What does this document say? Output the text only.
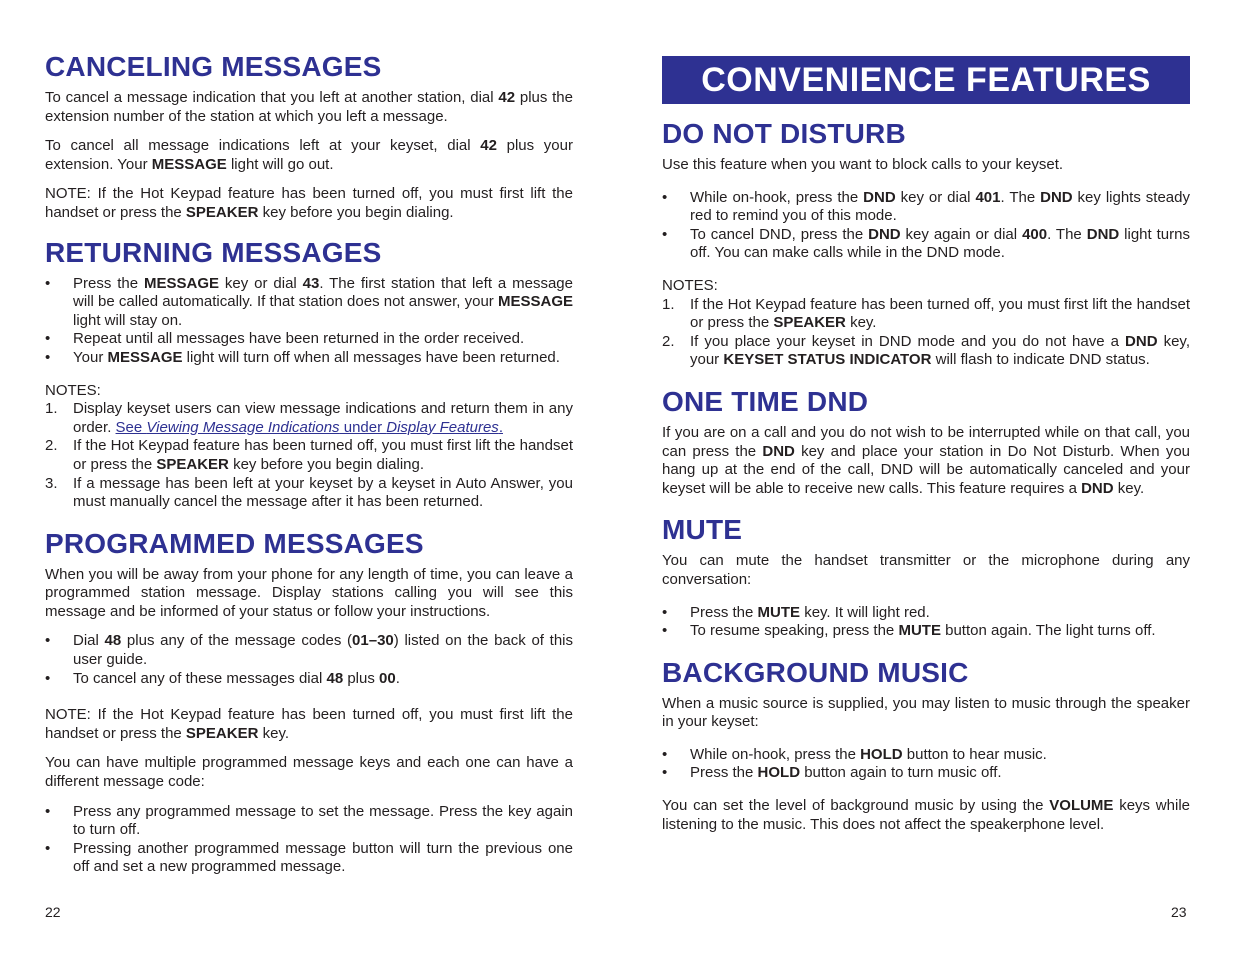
CANCELING MESSAGES

To cancel a message indication that you left at another station, dial 42 plus the extension number of the station at which you left a message.

To cancel all message indications left at your keyset, dial 42 plus your extension. Your MESSAGE light will go out.

NOTE: If the Hot Keypad feature has been turned off, you must first lift the handset or press the SPEAKER key before you begin dialing.

RETURNING MESSAGES
• Press the MESSAGE key or dial 43. The first station that left a message will be called automatically. If that station does not answer, your MESSAGE light will stay on.
• Repeat until all messages have been returned in the order received.
• Your MESSAGE light will turn off when all messages have been returned.

NOTES:

1. Display keyset users can view message indications and return them in any order. See Viewing Message Indications under Display Features.
2. If the Hot Keypad feature has been turned off, you must first lift the handset or press the SPEAKER key before you begin dialing.
3. If a message has been left at your keyset by a keyset in Auto Answer, you must manually cancel the message after it has been returned.
PROGRAMMED MESSAGES

When you will be away from your phone for any length of time, you can leave a programmed station message. Display stations calling you will see this message and be informed of your status or follow your instructions.

• Dial 48 plus any of the message codes (01–30) listed on the back of this user guide.
• To cancel any of these messages dial 48 plus 00.

NOTE: If the Hot Keypad feature has been turned off, you must first lift the handset or press the SPEAKER key.

You can have multiple programmed message keys and each one can have a different message code:

• Press any programmed message to set the message. Press the key again to turn off.
• Pressing another programmed message button will turn the previous one off and set a new programmed message.
22
CONVENIENCE FEATURES
DO NOT DISTURB

Use this feature when you want to block calls to your keyset.

• While on-hook, press the DND key or dial 401. The DND key lights steady red to remind you of this mode.
• To cancel DND, press the DND key again or dial 400. The DND light turns off. You can make calls while in the DND mode.

NOTES:

1. If the Hot Keypad feature has been turned off, you must first lift the handset or press the SPEAKER key.
2. If you place your keyset in DND mode and you do not have a DND key, your KEYSET STATUS INDICATOR will flash to indicate DND status.
ONE TIME DND

If you are on a call and you do not wish to be interrupted while on that call, you can press the DND key and place your station in Do Not Disturb. When you hang up at the end of the call, DND will be automatically canceled and your keyset will be able to receive new calls. This feature requires a DND key.

MUTE

You can mute the handset transmitter or the microphone during any conversation:

• Press the MUTE key. It will light red.
• To resume speaking, press the MUTE button again. The light turns off.
BACKGROUND MUSIC

When a music source is supplied, you may listen to music through the speaker in your keyset:

• While on-hook, press the HOLD button to hear music.
• Press the HOLD button again to turn music off.

You can set the level of background music by using the VOLUME keys while listening to the music. This does not affect the speakerphone level.

23
